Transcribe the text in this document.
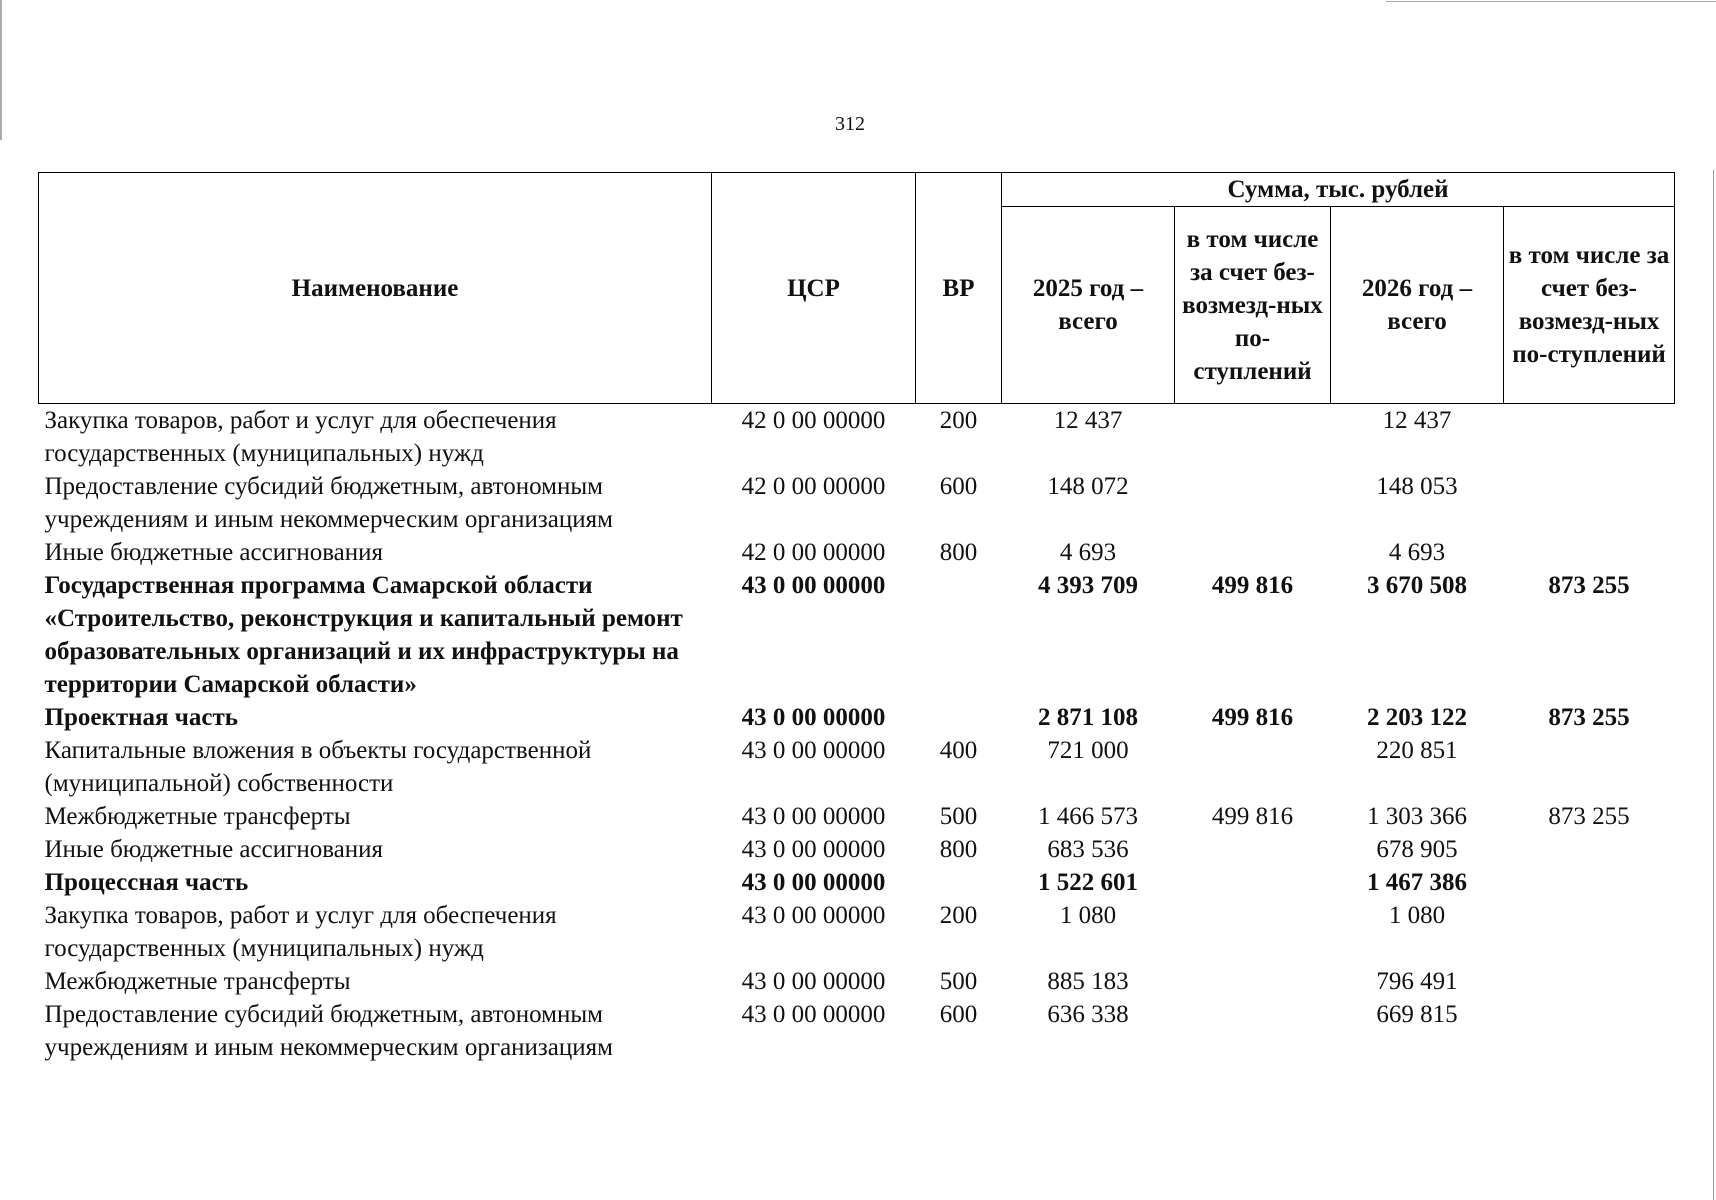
312
Наименование	ЦСР	ВР	Сумма, тыс. рублей			
			2025 год – всего	в том числе за счет без-возмезд-ных по-ступлений	2026 год – всего	в том числе за счет без-возмезд-ных по-ступлений
Закупка товаров, работ и услуг для обеспечения государственных (муниципальных) нужд	42 0 00 00000	200	12 437		12 437	
Предоставление субсидий бюджетным, автономным учреждениям и иным некоммерческим организациям	42 0 00 00000	600	148 072		148 053	
Иные бюджетные ассигнования	42 0 00 00000	800	4 693		4 693	
Государственная программа Самарской области «Строительство, реконструкция и капитальный ремонт образовательных организаций и их инфраструктуры на территории Самарской области»	43 0 00 00000		4 393 709	499 816	3 670 508	873 255
Проектная часть	43 0 00 00000		2 871 108	499 816	2 203 122	873 255
Капитальные вложения в объекты государственной (муниципальной) собственности	43 0 00 00000	400	721 000		220 851	
Межбюджетные трансферты	43 0 00 00000	500	1 466 573	499 816	1 303 366	873 255
Иные бюджетные ассигнования	43 0 00 00000	800	683 536		678 905	
Процессная часть	43 0 00 00000		1 522 601		1 467 386	
Закупка товаров, работ и услуг для обеспечения государственных (муниципальных) нужд	43 0 00 00000	200	1 080		1 080	
Межбюджетные трансферты	43 0 00 00000	500	885 183		796 491	
Предоставление субсидий бюджетным, автономным учреждениям и иным некоммерческим организациям	43 0 00 00000	600	636 338		669 815	
